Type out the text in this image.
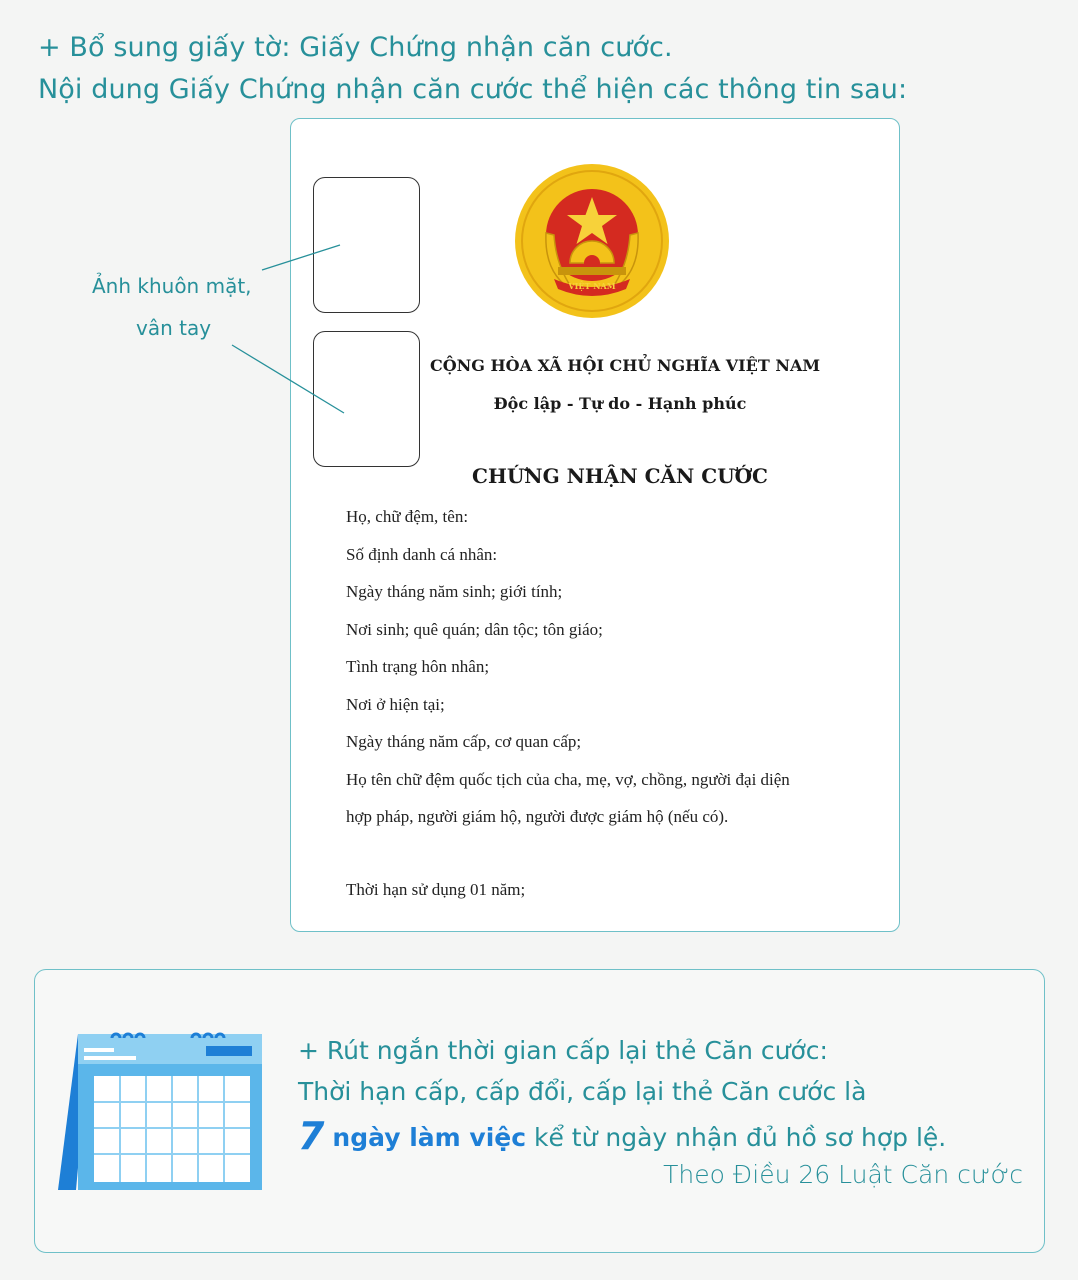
+ Bổ sung giấy tờ: Giấy Chứng nhận căn cước.

Nội dung Giấy Chứng nhận căn cước thể hiện các thông tin sau:

Ảnh khuôn mặt,
vân tay
VIỆT NAM
CỘNG HÒA XÃ HỘI CHỦ NGHĨA VIỆT NAM
Độc lập - Tự do - Hạnh phúc
CHỨNG NHẬN CĂN CƯỚC
Họ, chữ đệm, tên:
Số định danh cá nhân:
Ngày tháng năm sinh; giới tính;
Nơi sinh; quê quán; dân tộc; tôn giáo;
Tình trạng hôn nhân;
Nơi ở hiện tại;
Ngày tháng năm cấp, cơ quan cấp;
Họ tên chữ đệm quốc tịch của cha, mẹ, vợ, chồng, người đại diện
hợp pháp, người giám hộ, người được giám hộ (nếu có).

Thời hạn sử dụng 01 năm;

+ Rút ngắn thời gian cấp lại thẻ Căn cước:

Thời hạn cấp, cấp đổi, cấp lại thẻ Căn cước là

7 ngày làm việc kể từ ngày nhận đủ hồ sơ hợp lệ.

Theo Điều 26 Luật Căn cước
